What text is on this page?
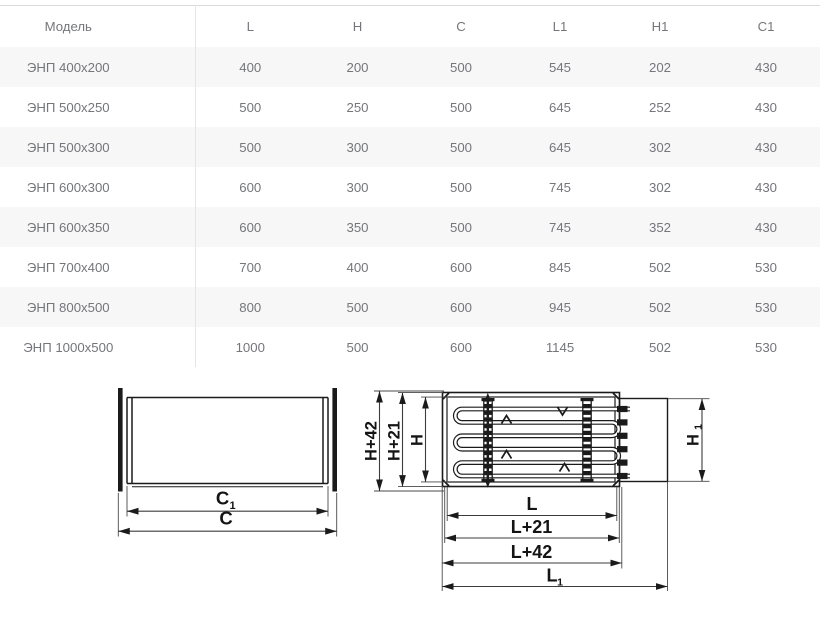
Модель	L	H	C	L1	H1	C1
ЭНП 400x200	400	200	500	545	202	430
ЭНП 500x250	500	250	500	645	252	430
ЭНП 500x300	500	300	500	645	302	430
ЭНП 600x300	600	300	500	745	302	430
ЭНП 600x350	600	350	500	745	352	430
ЭНП 700x400	700	400	600	845	502	530
ЭНП 800x500	800	500	600	945	502	530
ЭНП 1000x500	1000	500	600	1145	502	530
C 1
C
H+42 H+21 H	H
1
L
L+21
L+42
L 1
